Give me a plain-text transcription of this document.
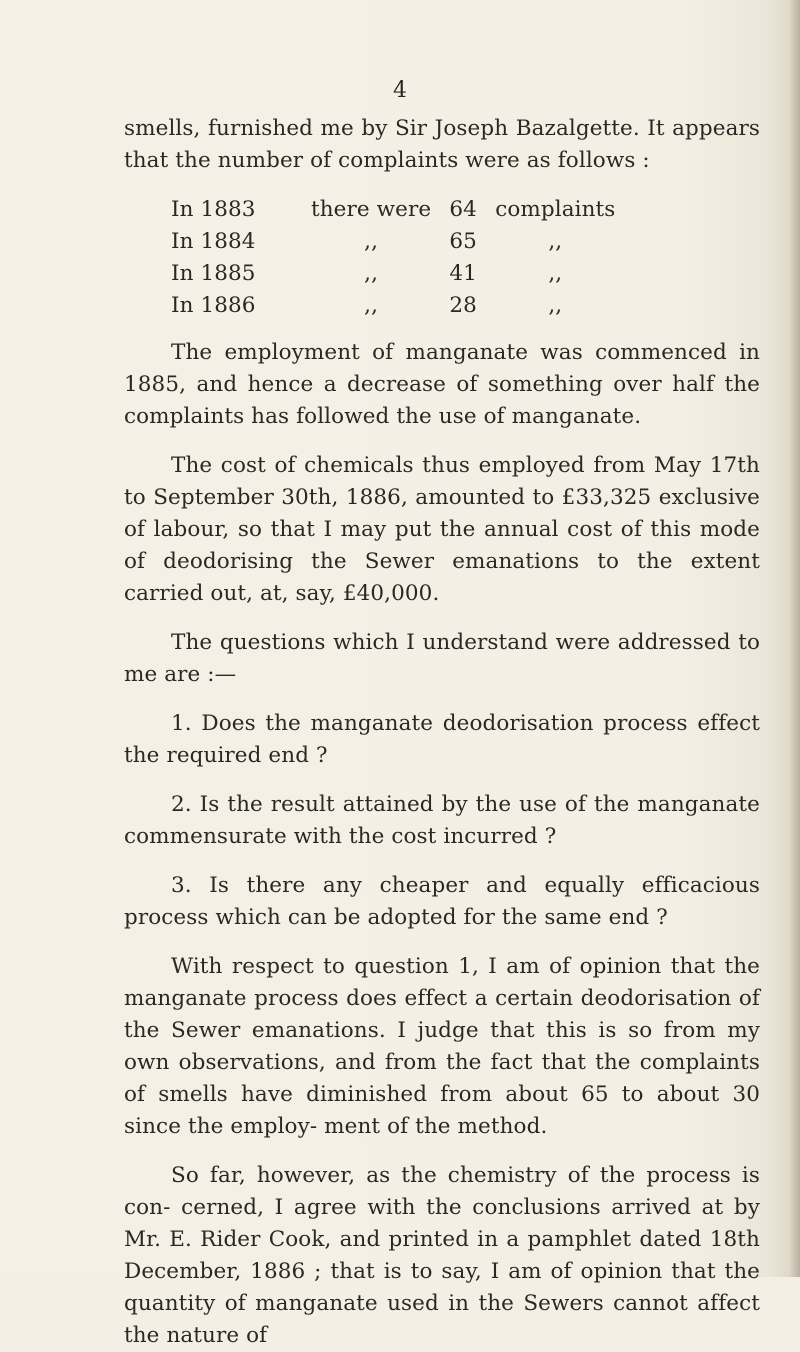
4

smells, furnished me by Sir Joseph Bazalgette. It appears that the number of complaints were as follows :

In 1883	there were	64	complaints
In 1884	,,	65	,,
In 1885	,,	41	,,
In 1886	,,	28	,,

The employment of manganate was commenced in 1885, and hence a decrease of something over half the complaints has followed the use of manganate.

The cost of chemicals thus employed from May 17th to September 30th, 1886, amounted to £33,325 exclusive of labour, so that I may put the annual cost of this mode of deodorising the Sewer emanations to the extent carried out, at, say, £40,000.

The questions which I understand were addressed to me are :—

1. Does the manganate deodorisation process effect the required end ?

2. Is the result attained by the use of the manganate commensurate with the cost incurred ?

3. Is there any cheaper and equally efficacious process which can be adopted for the same end ?

With respect to question 1, I am of opinion that the manganate process does effect a certain deodorisation of the Sewer emanations. I judge that this is so from my own observations, and from the fact that the complaints of smells have diminished from about 65 to about 30 since the employ- ment of the method.

So far, however, as the chemistry of the process is con- cerned, I agree with the conclusions arrived at by Mr. E. Rider Cook, and printed in a pamphlet dated 18th December, 1886 ; that is to say, I am of opinion that the quantity of manganate used in the Sewers cannot affect the nature of
